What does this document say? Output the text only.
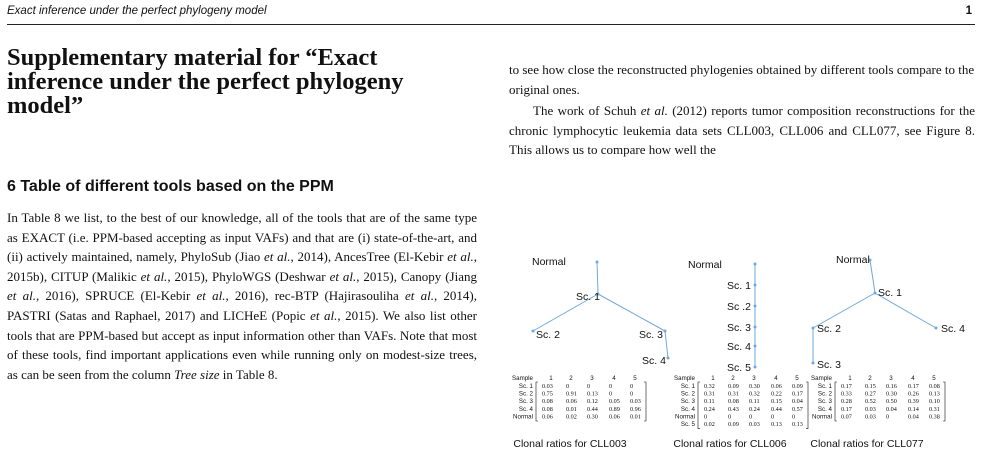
Exact inference under the perfect phylogeny model	1
Supplementary material for “Exact inference under the perfect phylogeny model”
6 Table of different tools based on the PPM

In Table 8 we list, to the best of our knowledge, all of the tools that are of the same type as EXACT (i.e. PPM-based accepting as input VAFs) and that are (i) state-of-the-art, and (ii) actively maintained, namely, PhyloSub (Jiao et al., 2014), AncesTree (El-Kebir et al., 2015b), CITUP (Malikic et al., 2015), PhyloWGS (Deshwar et al., 2015), Canopy (Jiang et al., 2016), SPRUCE (El-Kebir et al., 2016), rec-BTP (Hajirasouliha et al., 2014), PASTRI (Satas and Raphael, 2017) and LICHeE (Popic et al., 2015). We also list other tools that are PPM-based but accept as input information other than VAFs. Note that most of these tools, find important applications even while running only on modest-size trees, as can be seen from the column Tree size in Table 8.

to see how close the reconstructed phylogenies obtained by different tools compare to the original ones.

The work of Schuh et al. (2012) reports tumor composition reconstructions for the chronic lymphocytic leukemia data sets CLL003, CLL006 and CLL077, see Figure 8. This allows us to compare how well the

Normal
Sc. 1
Sc. 2	Sc. 3
Sc. 4
Sample	1	2	3	4	5
Sc. 1 0.03 0	0	0	0
Sc. 2 0.75 0.91 0.13 0	0
Sc. 3 0.08 0.06 0.12 0.05 0.03
Sc. 4 0.08 0.01 0.44 0.89 0.96
Normal 0.06 0.02 0.30 0.06 0.01
Clonal ratios for CLL003
Normal
Sc. 1
Sc .2
Sc. 3
Sc. 4
Sc. 5
Sample	1	2	3	4	5
Sc. 1 0.32 0.09 0.30 0.06 0.09
Sc. 2 0.31 0.31 0.32 0.22 0.17
Sc. 3 0.11 0.08 0.11 0.15 0.04
Sc. 4 0.24 0.43 0.24 0.44 0.57
Normal 0	0	0	0	0
Sc. 5 0.02 0.09 0.03 0.13 0.13
Clonal ratios for CLL006
Normal
Sc. 1
Sc. 2	Sc. 4
Sc. 3
Sample	1	2	3	4	5
Sc. 1 0.17 0.15 0.16 0.17 0.08
Sc. 2 0.33 0.27 0.30 0.26 0.13
Sc. 3 0.28 0.52 0.50 0.39 0.10
Sc. 4 0.17 0.03 0.04 0.14 0.31
Normal 0.07 0.03 0	0.04 0.38
Clonal ratios for CLL077
